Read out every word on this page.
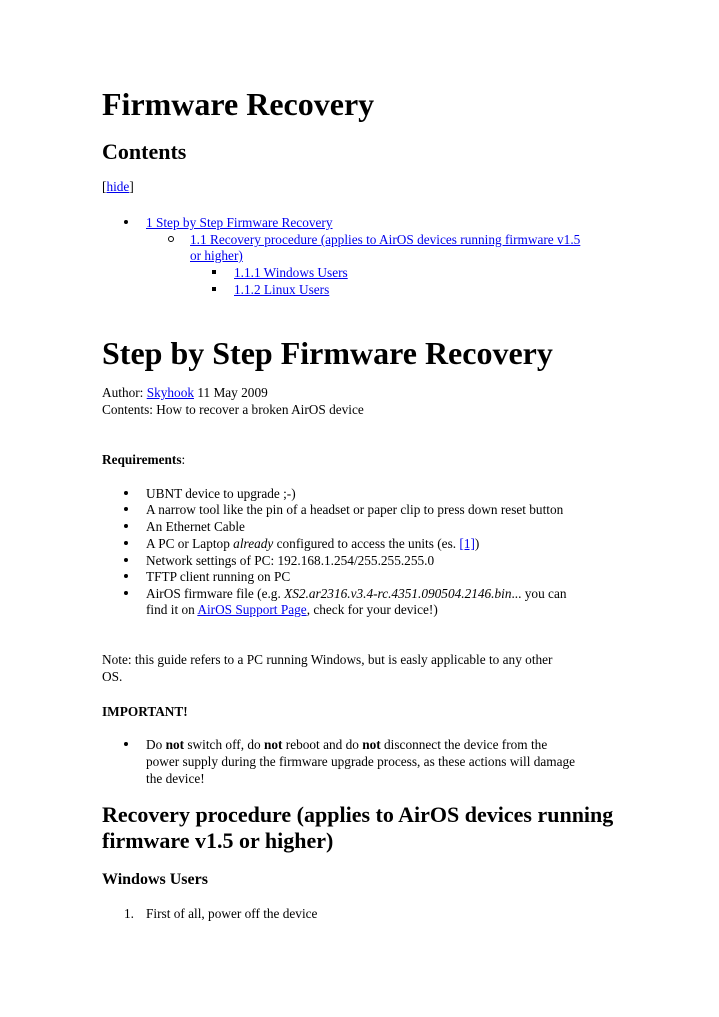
Firmware Recovery
Contents
[hide]
1 Step by Step Firmware Recovery
1.1 Recovery procedure (applies to AirOS devices running firmware v1.5
or higher)
1.1.1 Windows Users
1.1.2 Linux Users
Step by Step Firmware Recovery
Author: Skyhook 11 May 2009
Contents: How to recover a broken AirOS device
Requirements:
UBNT device to upgrade ;-)
A narrow tool like the pin of a headset or paper clip to press down reset button
An Ethernet Cable
A PC or Laptop already configured to access the units (es. [1])
Network settings of PC: 192.168.1.254/255.255.255.0
TFTP client running on PC
AirOS firmware file (e.g. XS2.ar2316.v3.4-rc.4351.090504.2146.bin... you can
find it on AirOS Support Page, check for your device!)
Note: this guide refers to a PC running Windows, but is easly applicable to any other
OS.
IMPORTANT!
Do not switch off, do not reboot and do not disconnect the device from the
power supply during the firmware upgrade process, as these actions will damage
the device!
Recovery procedure (applies to AirOS devices running
firmware v1.5 or higher)
Windows Users
1. First of all, power off the device
